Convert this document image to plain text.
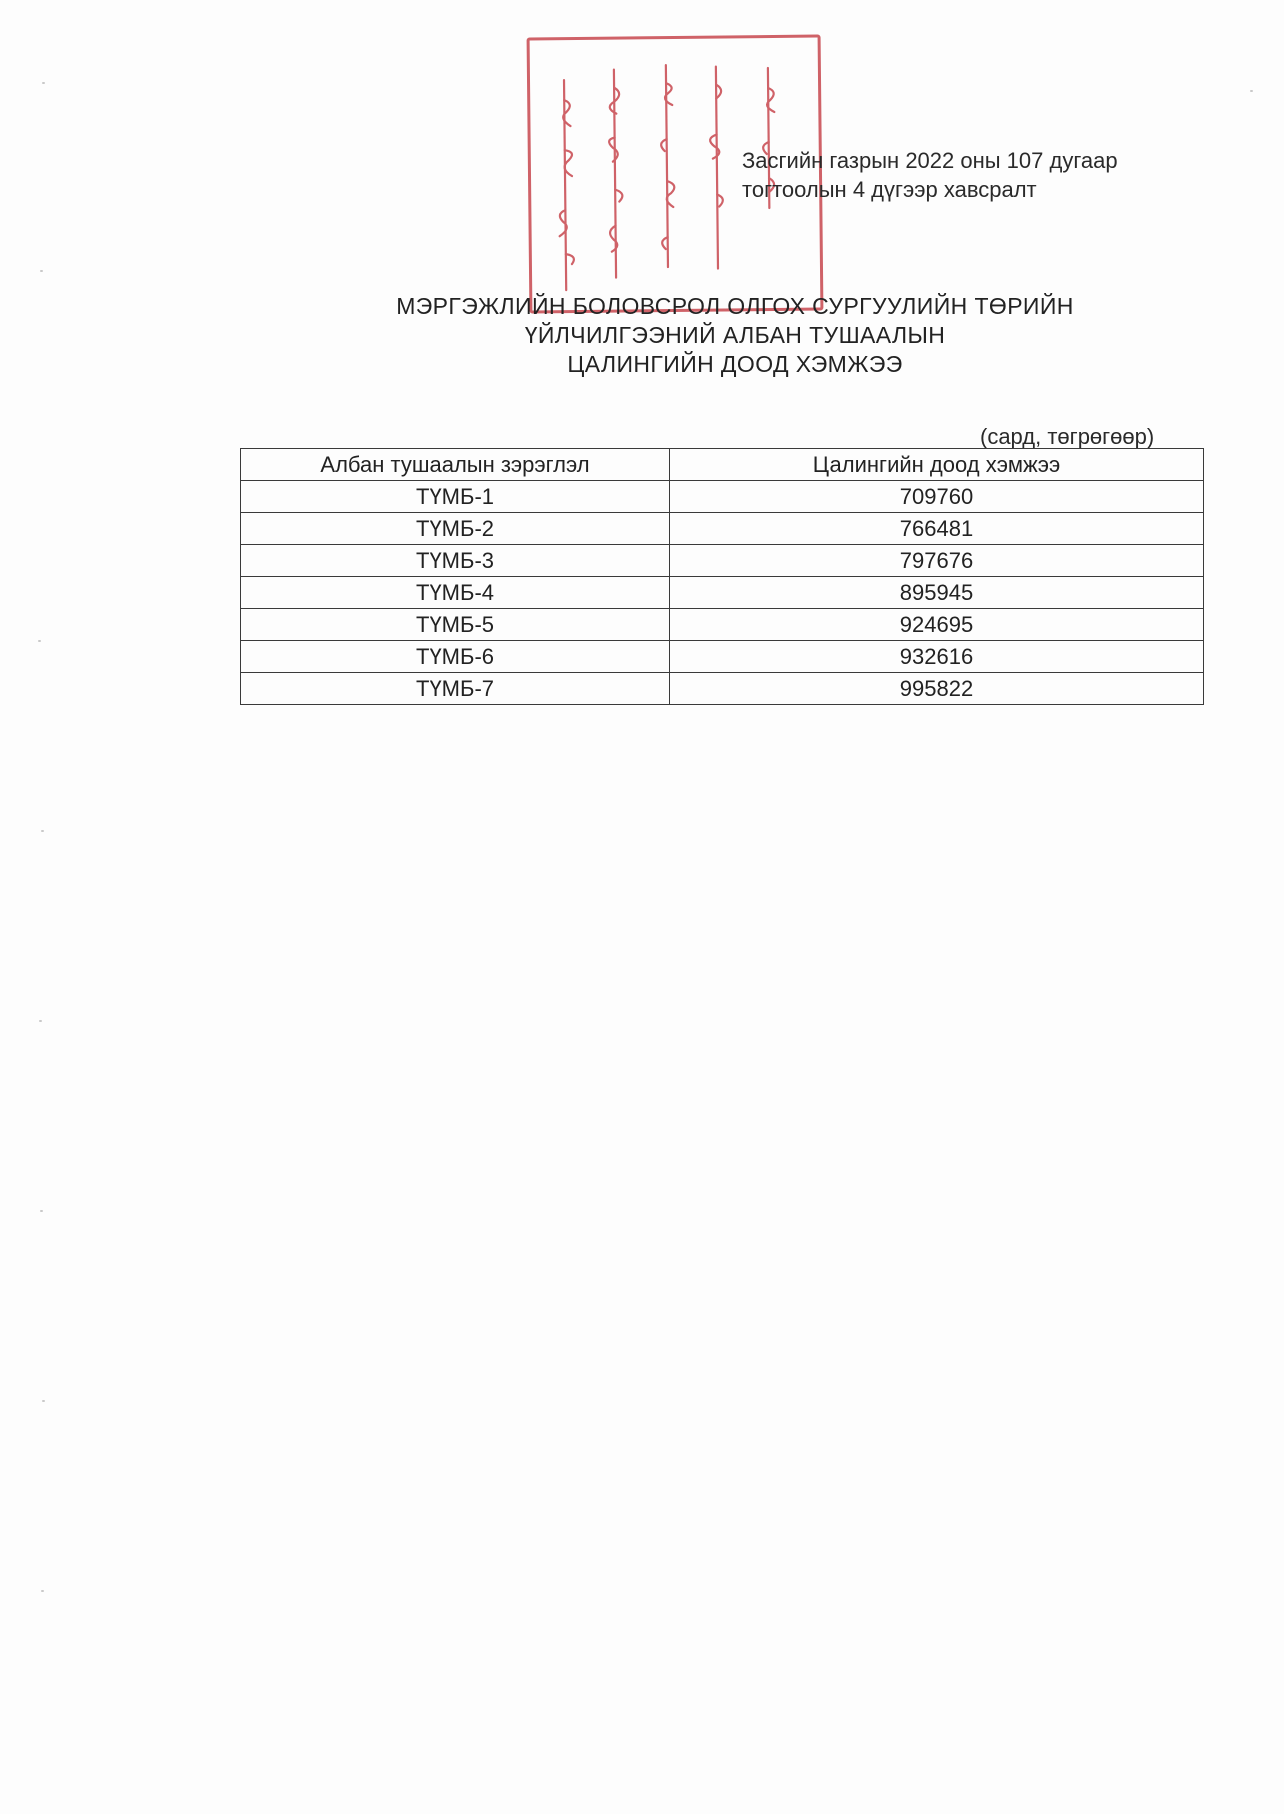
Засгийн газрын 2022 оны 107 дугаар
тогтоолын 4 дүгээр хавсралт
МЭРГЭЖЛИЙН БОЛОВСРОЛ ОЛГОХ СУРГУУЛИЙН ТӨРИЙН
ҮЙЛЧИЛГЭЭНИЙ АЛБАН ТУШААЛЫН
ЦАЛИНГИЙН ДООД ХЭМЖЭЭ
(сард, төгрөгөөр)
Албан тушаалын зэрэглэл	Цалингийн доод хэмжээ
ТҮМБ-1	709760
ТҮМБ-2	766481
ТҮМБ-3	797676
ТҮМБ-4	895945
ТҮМБ-5	924695
ТҮМБ-6	932616
ТҮМБ-7	995822
